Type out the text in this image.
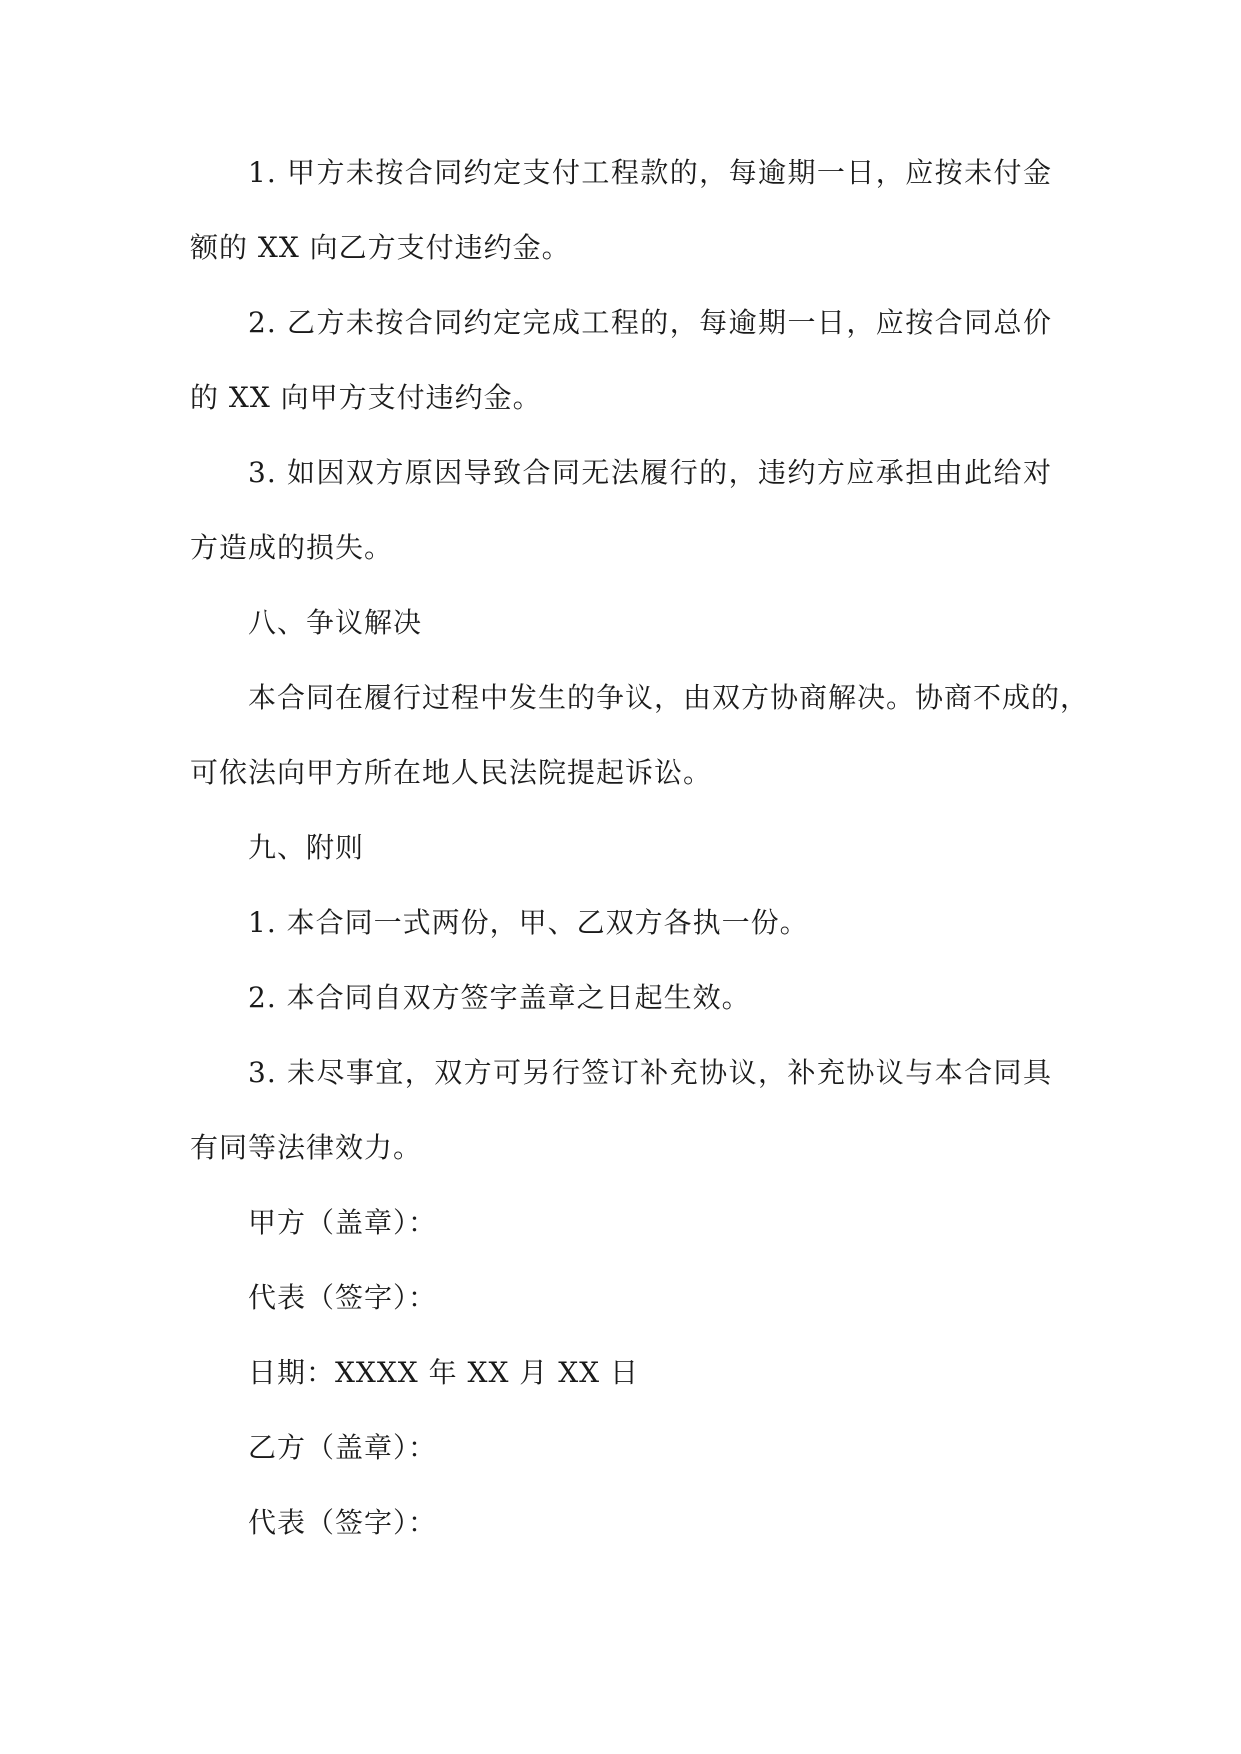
1. 甲方未按合同约定支付工程款的，每逾期一日，应按未付金
额的 XX 向乙方支付违约金。

2. 乙方未按合同约定完成工程的，每逾期一日，应按合同总价
的 XX 向甲方支付违约金。

3. 如因双方原因导致合同无法履行的，违约方应承担由此给对
方造成的损失。

八、争议解决

本合同在履行过程中发生的争议，由双方协商解决。协商不成的，
可依法向甲方所在地人民法院提起诉讼。

九、附则

1. 本合同一式两份，甲、乙双方各执一份。

2. 本合同自双方签字盖章之日起生效。

3. 未尽事宜，双方可另行签订补充协议，补充协议与本合同具
有同等法律效力。

甲方（盖章）：

代表（签字）：

日期：XXXX 年 XX 月 XX 日

乙方（盖章）：

代表（签字）：
